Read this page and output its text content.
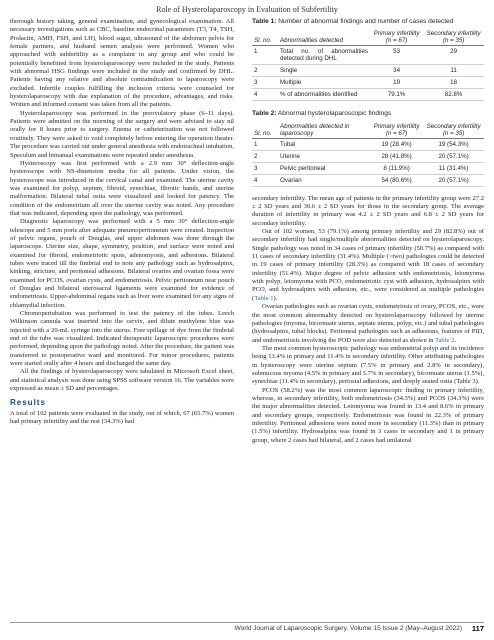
Role of Hysterolaparoscopy in Evaluation of Subfertility

thorough history taking, general examination, and gynecological examination. All necessary investigations such as CBC, baseline endocrinal parameters (T3, T4, TSH, Prolactin, AMH, FSH, and LH), blood sugar, ultrasound of the abdomen pelvis for female partners, and husband semen analysis were performed. Women who approached with subfertility as a complaint in any group and who could be potentially benefitted from hysterolaparoscopy were included in the study. Patients with abnormal HSG findings were included in the study and confirmed by DHL. Patients having any relative and absolute contraindication to laparoscopy were excluded. Infertile couples fulfilling the inclusion criteria were counseled for hysterolaparoscopy with due explanation of the procedure, advantages, and risks. Written and informed consent was taken from all the patients.

Hysterolaparoscopy was performed in the preovulatory phase (6–11 days). Patients were admitted on the morning of the surgery and were advised to stay nil orally for 8 hours prior to surgery. Enema or catheterization was not followed routinely. They were asked to void completely before entering the operation theater. The procedure was carried out under general anesthesia with endotracheal intubation. Speculum and bimanual examinations were repeated under anesthesia.

Hysteroscopy was first performed with a 2.9 mm 30° deflection-angle hysteroscope with NS-distension media for all patients. Under vision, the hysteroscope was introduced in the cervical canal and examined. The uterine cavity was examined for polyp, septum, fibroid, synechiae, fibrotic bands, and uterine malformation. Bilateral tubal ostia were visualized and looked for patency. The condition of the endometrium all over the uterine cavity was noted. Any procedure that was indicated, depending upon the pathology, was performed.

Diagnostic laparoscopy was performed with a 5 mm 30° deflection-angle telescope and 5 mm ports after adequate pneumoperitoneum were created. Inspection of pelvic organs, pouch of Douglas, and upper abdomen was done through the laparoscope. Uterine size, shape, symmetry, position, and surface were noted and examined for fibroid, endometriotic spots, adenomyosis, and adhesions. Bilateral tubes were traced till the fimbrial end to note any pathology such as hydrosalpinx, kinking, stricture, and peritoneal adhesions. Bilateral ovaries and ovarian fossa were examined for PCOS, ovarian cysts, and endometriosis. Pelvic peritoneum near pouch of Douglas and bilateral uterosacral ligaments were examined for evidence of endometriosis. Upper-abdominal organs such as liver were examined for any signs of chlamydial infection.

Chromopertubation was performed to test the patency of the tubes. Leech Wilkinson cannula was inserted into the cervix, and dilute methylene blue was injected with a 20-mL syringe into the uterus. Free spillage of dye from the fimbrial end of the tube was visualized. Indicated therapeutic laparoscopic procedures were performed, depending upon the pathology noted. After the procedure, the patient was transferred to postoperative ward and monitored. For minor procedures, patients were started orally after 4 hours and discharged the same day.

All the findings of hysterolaparoscopy were tabulated in Microsoft Excel sheet, and statistical analysis was done using SPSS software version 16. The variables were expressed as mean ± SD and percentages.

Results

A total of 102 patients were evaluated in the study, out of which, 67 (65.7%) women had primary infertility and the rest (34.3%) had

Table 1: Number of abnormal findings and number of cases detected
Sl. no.	Abnormalities detected	Primary infertility (n = 67)	Secondary infertility (n = 35)
1	Total no. of abnormalities detected during DHL	53	29
2	Single	34	11
3	Multiple	19	18
4	% of abnormalities identified	79.1%	82.8%
Table 2: Abnormal hysterolaparoscopic findings
Sl. no.	Abnormalities detected in laparoscopy	Primary infertility (n = 67)	Secondary infertility (n = 35)
1	Tubal	19 (28.4%)	19 (54.3%)
2	Uterine	28 (41.8%)	20 (57.1%)
3	Pelvic peritoneal	8 (11.9%)	11 (31.4%)
4	Ovarian	54 (80.6%)	20 (57.1%)

secondary infertility. The mean age of patients in the primary infertility group were 27.2 ± 2 SD years and 30.6 ± 2 SD years for those in the secondary group. The average duration of infertility in primary was 4.2 ± 2 SD years and 6.8 ± 2 SD years for secondary infertility.

Out of 102 women, 53 (79.1%) among primary infertility and 29 (82.8%) out of secondary infertility had single/multiple abnormalities detected on hysterolaparoscopy. Single pathology was noted in 34 cases of primary infertility (50.7%) as compared with 11 cases of secondary infertility (31.4%). Multiple (>two) pathologies could be detected in 19 cases of primary infertility (28.3%) as compared with 18 cases of secondary infertility (51.4%). Major degree of pelvic adhesion with endometriosis, leiomyoma with polyp, leiomyoma with PCO, endometriotic cyst with adhesion, hydrosalpinx with PCO, and hydrosalpinx with adhesion, etc., were considered as multiple pathologies (Table 1).

Ovarian pathologies such as ovarian cysts, endometriosis of ovary, PCOS, etc., were the most common abnormality detected on hysterolaparoscopy followed by uterine pathologies (myoma, bicornuate uterus, septate uterus, polyp, etc.) and tubal pathologies (hydrosalpinx, tubal blocks). Peritoneal pathologies such as adhesions, features of PID, and endometriosis involving the POD were also detected as shown in Table 2.

The most common hysteroscopic pathology was endometrial polyp and its incidence being 13.4% in primary and 11.4% in secondary infertility. Other attributing pathologies in hysteroscopy were uterine septum (7.5% in primary and 2.8% in secondary), submucous myoma (4.5% in primary and 5.7% in secondary), bicornuate uterus (1.5%), synechiae (11.4% in secondary), periostal adhesions, and deeply seated ostia (Table 3).

PCOS (58.2%) was the most common laparoscopic finding in primary infertility, whereas, in secondary infertility, both endometriosis (34.3%) and PCOS (34.3%) were the major abnormalities detected. Leiomyoma was found in 13.4 and 8.6% in primary and secondary groups, respectively. Endometriosis was found in 22.3% of primary infertility. Peritoneal adhesions were noted more in secondary (11.3%) than in primary (1.5%) infertility. Hydrosalpinx was found in 3 cases in secondary and 1 in primary group, where 2 cases had bilateral, and 2 cases had unilateral

World Journal of Laparoscopic Surgery, Volume 15 Issue 2 (May–August 2022) 117
